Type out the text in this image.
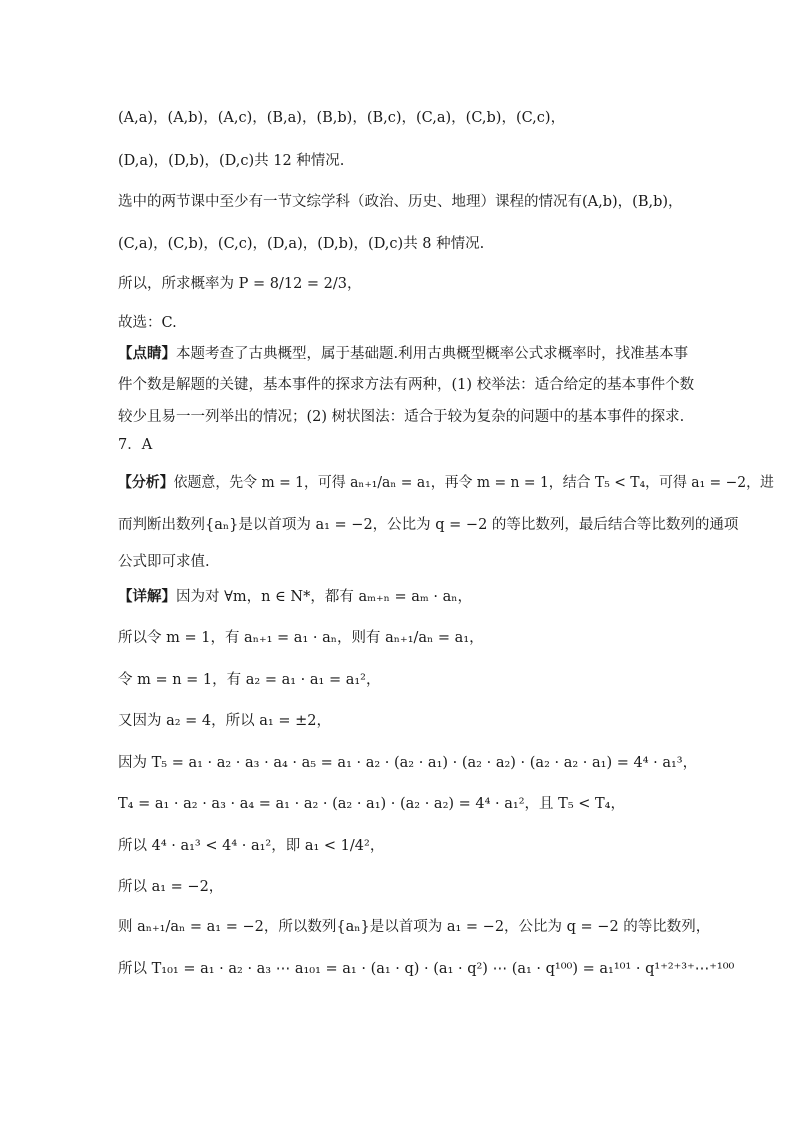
(A,a)，(A,b)，(A,c)，(B,a)，(B,b)，(B,c)，(C,a)，(C,b)，(C,c)，
(D,a)，(D,b)，(D,c)共 12 种情况.
选中的两节课中至少有一节文综学科（政治、历史、地理）课程的情况有(A,b)，(B,b)，
(C,a)，(C,b)，(C,c)，(D,a)，(D,b)，(D,c)共 8 种情况.
所以，所求概率为 P = 8/12 = 2/3，
故选：C.
【点睛】本题考查了古典概型，属于基础题.利用古典概型概率公式求概率时，找准基本事
件个数是解题的关键，基本事件的探求方法有两种，(1) 校举法：适合给定的基本事件个数
较少且易一一列举出的情况；(2) 树状图法：适合于较为复杂的问题中的基本事件的探求.
7．A
【分析】依题意，先令 m = 1，可得 aₙ₊₁/aₙ = a₁，再令 m = n = 1，结合 T₅ < T₄，可得 a₁ = −2，进
而判断出数列{aₙ}是以首项为 a₁ = −2，公比为 q = −2 的等比数列，最后结合等比数列的通项
公式即可求值.
【详解】因为对 ∀m，n ∈ N*，都有 aₘ₊ₙ = aₘ · aₙ，
所以令 m = 1，有 aₙ₊₁ = a₁ · aₙ，则有 aₙ₊₁/aₙ = a₁，
令 m = n = 1，有 a₂ = a₁ · a₁ = a₁²，
又因为 a₂ = 4，所以 a₁ = ±2，
因为 T₅ = a₁ · a₂ · a₃ · a₄ · a₅ = a₁ · a₂ · (a₂ · a₁) · (a₂ · a₂) · (a₂ · a₂ · a₁) = 4⁴ · a₁³，
T₄ = a₁ · a₂ · a₃ · a₄ = a₁ · a₂ · (a₂ · a₁) · (a₂ · a₂) = 4⁴ · a₁²，且 T₅ < T₄，
所以 4⁴ · a₁³ < 4⁴ · a₁²，即 a₁ < 1/4²，
所以 a₁ = −2，
则 aₙ₊₁/aₙ = a₁ = −2，所以数列{aₙ}是以首项为 a₁ = −2，公比为 q = −2 的等比数列，
所以 T₁₀₁ = a₁ · a₂ · a₃ ⋯ a₁₀₁ = a₁ · (a₁ · q) · (a₁ · q²) ⋯ (a₁ · q¹⁰⁰) = a₁¹⁰¹ · q¹⁺²⁺³⁺⋯⁺¹⁰⁰
